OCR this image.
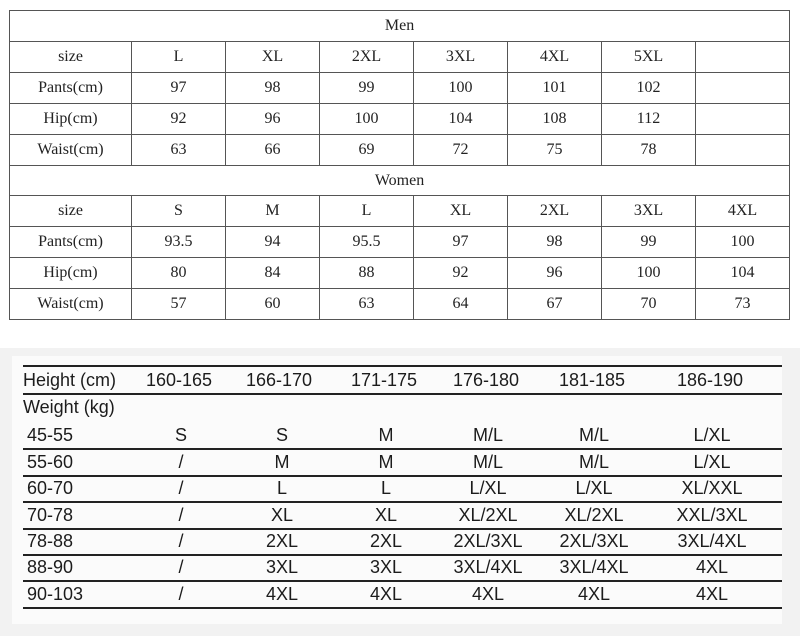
Men							
size	L	XL	2XL	3XL	4XL	5XL	
Pants(cm)	97	98	99	100	101	102	
Hip(cm)	92	96	100	104	108	112	
Waist(cm)	63	66	69	72	75	78	
Women							
size	S	M	L	XL	2XL	3XL	4XL
Pants(cm)	93.5	94	95.5	97	98	99	100
Hip(cm)	80	84	88	92	96	100	104
Waist(cm)	57	60	63	64	67	70	73
Height (cm) 160-165 166-170 171-175 176-180 181-185	186-190
Weight (kg)
45-55	S	S	M	M/L	M/L	L/XL
55-60	/	M	M	M/L	M/L	L/XL
60-70	/	L	L	L/XL	L/XL	XL/XXL
70-78	/	XL	XL	XL/2XL	XL/2XL	XXL/3XL
78-88	/	2XL	2XL	2XL/3XL 2XL/3XL	3XL/4XL
88-90	/	3XL	3XL	3XL/4XL 3XL/4XL	4XL
90-103	/	4XL	4XL	4XL	4XL	4XL
